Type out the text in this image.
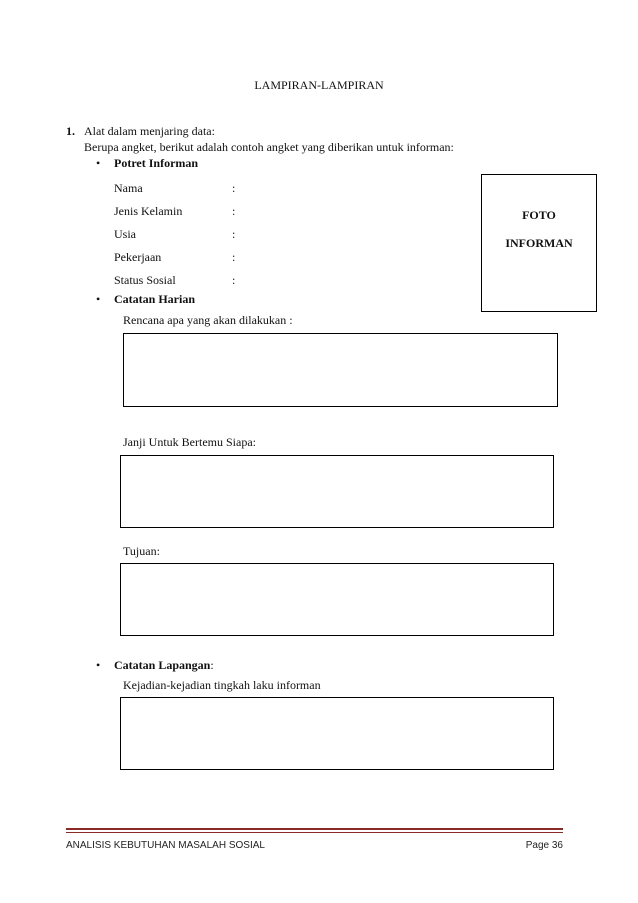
LAMPIRAN-LAMPIRAN
1. Alat dalam menjaring data:
Berupa angket, berikut adalah contoh angket yang diberikan untuk informan:
• Potret Informan
Nama	:
Jenis Kelamin	:
Usia	:
Pekerjaan	:
Status Sosial	:
FOTO
INFORMAN
• Catatan Harian
Rencana apa yang akan dilakukan :
Janji Untuk Bertemu Siapa:
Tujuan:
• Catatan Lapangan:
Kejadian-kejadian tingkah laku informan
ANALISIS KEBUTUHAN MASALAH SOSIAL	Page 36
